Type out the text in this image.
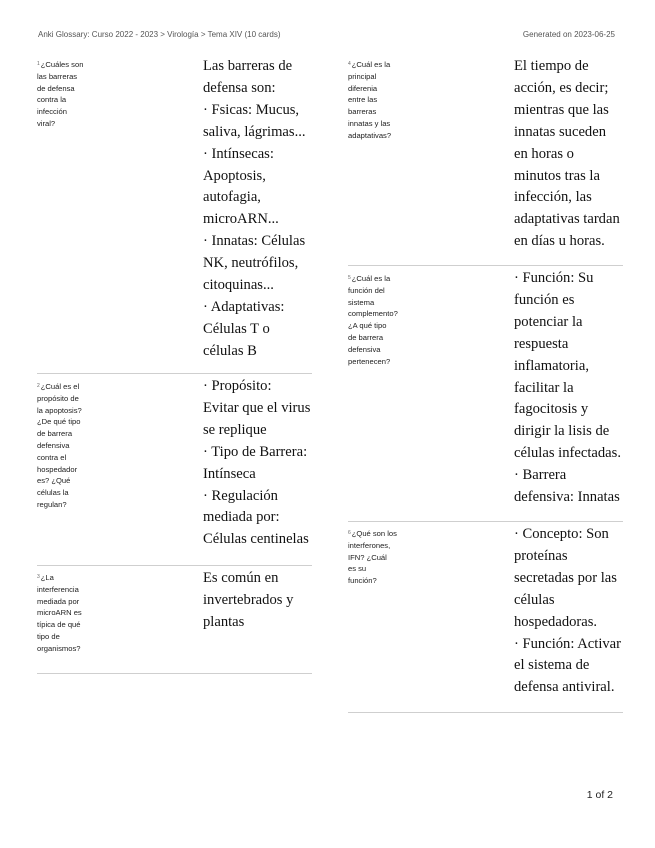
Anki Glossary: Curso 2022 - 2023 > Virología > Tema XIV (10 cards)	Generated on 2023-06-25
$^1$¿Cuáles son
las barreras
de defensa
contra la
infección
viral?
Las barreras de
defensa son:
· Fsicas: Mucus,
saliva, lágrimas...
· Intínsecas:
Apoptosis,
autofagia,
microARN...
· Innatas: Células
NK, neutrófilos,
citoquinas...
· Adaptativas:
Células T o
células B
$^2$¿Cuál es el
propósito de
la apoptosis?
¿De qué tipo
de barrera
defensiva
contra el
hospedador
es? ¿Qué
células la
regulan?
· Propósito:
Evitar que el virus
se replique
· Tipo de Barrera:
Intínseca
· Regulación
mediada por:
Células centinelas
$^3$¿La
interferencia
mediada por
microARN es
típica de qué
tipo de
organismos?
Es común en
invertebrados y
plantas
$^4$¿Cuál es la
principal
diferenia
entre las
barreras
innatas y las
adaptativas?
El tiempo de
acción, es decir;
mientras que las
innatas suceden
en horas o
minutos tras la
infección, las
adaptativas tardan
en días u horas.
$^5$¿Cuál es la
función del
sistema
complemento?
¿A qué tipo
de barrera
defensiva
pertenecen?
· Función: Su
función es
potenciar la
respuesta
inflamatoria,
facilitar la
fagocitosis y
dirigir la lisis de
células infectadas.
· Barrera
defensiva: Innatas
$^6$¿Qué son los
interferones,
IFN? ¿Cuál
es su
función?
· Concepto: Son
proteínas
secretadas por las
células
hospedadoras.
· Función: Activar
el sistema de
defensa antiviral.
1 of 2
